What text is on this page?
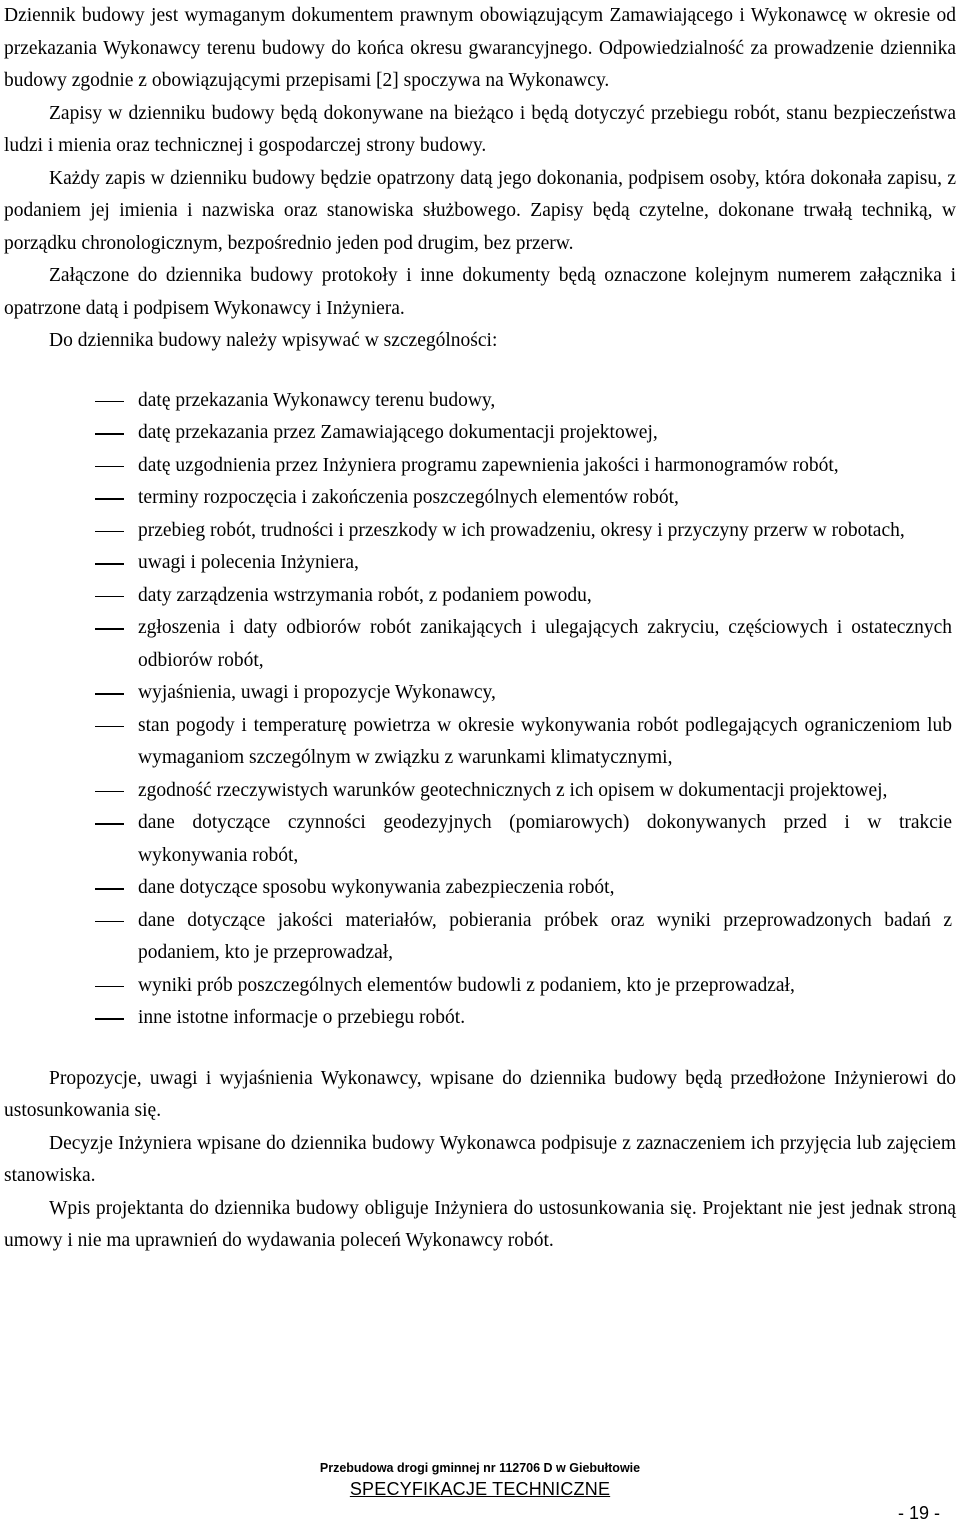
Dziennik budowy jest wymaganym dokumentem prawnym obowiązującym Zamawiającego i Wykonawcę w okresie od przekazania Wykonawcy terenu budowy do końca okresu gwarancyjnego. Odpowiedzialność za prowadzenie dziennika budowy zgodnie z obowiązującymi przepisami [2] spoczywa na Wykonawcy.

Zapisy w dzienniku budowy będą dokonywane na bieżąco i będą dotyczyć przebiegu robót, stanu bezpieczeństwa ludzi i mienia oraz technicznej i gospodarczej strony budowy.

Każdy zapis w dzienniku budowy będzie opatrzony datą jego dokonania, podpisem osoby, która dokonała zapisu, z podaniem jej imienia i nazwiska oraz stanowiska służbowego. Zapisy będą czytelne, dokonane trwałą techniką, w porządku chronologicznym, bezpośrednio jeden pod drugim, bez przerw.

Załączone do dziennika budowy protokoły i inne dokumenty będą oznaczone kolejnym numerem załącznika i opatrzone datą i podpisem Wykonawcy i Inżyniera.

Do dziennika budowy należy wpisywać w szczególności:

datę przekazania Wykonawcy terenu budowy,
datę przekazania przez Zamawiającego dokumentacji projektowej,
datę uzgodnienia przez Inżyniera programu zapewnienia jakości i harmonogramów robót,
terminy rozpoczęcia i zakończenia poszczególnych elementów robót,
przebieg robót, trudności i przeszkody w ich prowadzeniu, okresy i przyczyny przerw w robotach,
uwagi i polecenia Inżyniera,
daty zarządzenia wstrzymania robót, z podaniem powodu,
zgłoszenia i daty odbiorów robót zanikających i ulegających zakryciu, częściowych i ostatecznych odbiorów robót,
wyjaśnienia, uwagi i propozycje Wykonawcy,
stan pogody i temperaturę powietrza w okresie wykonywania robót podlegających ograniczeniom lub wymaganiom szczególnym w związku z warunkami klimatycznymi,
zgodność rzeczywistych warunków geotechnicznych z ich opisem w dokumentacji projektowej,
dane dotyczące czynności geodezyjnych (pomiarowych) dokonywanych przed i w trakcie wykonywania robót,
dane dotyczące sposobu wykonywania zabezpieczenia robót,
dane dotyczące jakości materiałów, pobierania próbek oraz wyniki przeprowadzonych badań z podaniem, kto je przeprowadzał,
wyniki prób poszczególnych elementów budowli z podaniem, kto je przeprowadzał,
inne istotne informacje o przebiegu robót.

Propozycje, uwagi i wyjaśnienia Wykonawcy, wpisane do dziennika budowy będą przedłożone Inżynierowi do ustosunkowania się.

Decyzje Inżyniera wpisane do dziennika budowy Wykonawca podpisuje z zaznaczeniem ich przyjęcia lub zajęciem stanowiska.

Wpis projektanta do dziennika budowy obliguje Inżyniera do ustosunkowania się. Projektant nie jest jednak stroną umowy i nie ma uprawnień do wydawania poleceń Wykonawcy robót.

Przebudowa drogi gminnej nr 112706 D w Giebułtowie
SPECYFIKACJE TECHNICZNE
- 19 -
